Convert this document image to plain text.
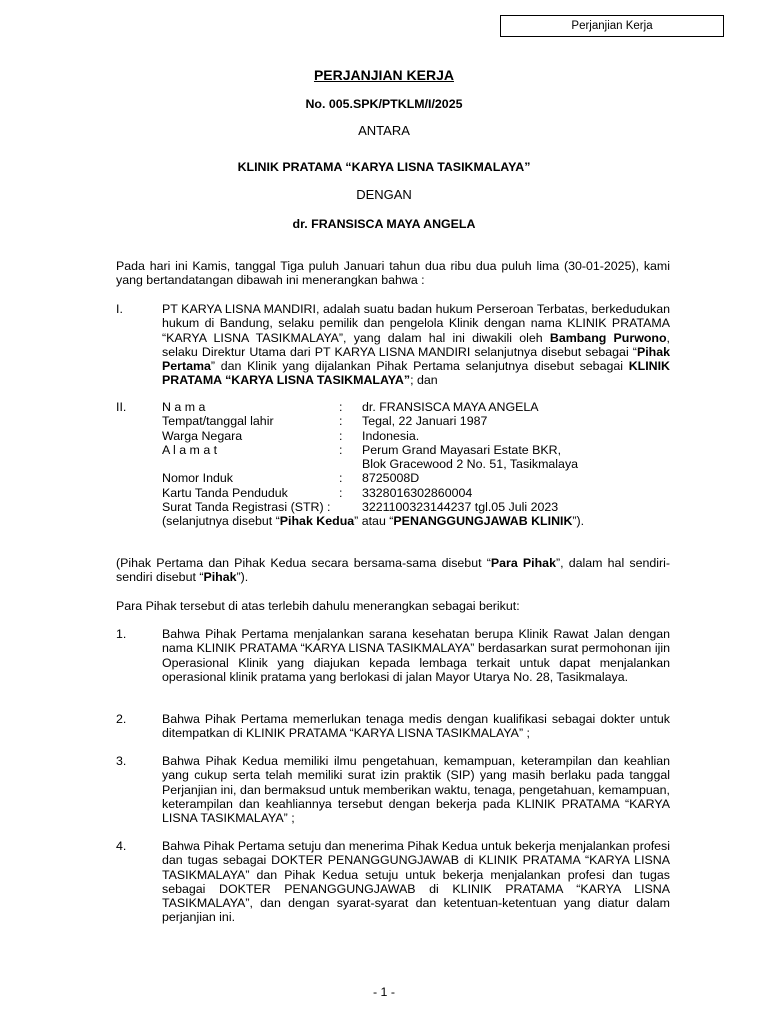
Perjanjian Kerja
PERJANJIAN KERJA
No. 005.SPK/PTKLM/I/2025
ANTARA
KLINIK PRATAMA “KARYA LISNA TASIKMALAYA”
DENGAN
dr. FRANSISCA MAYA ANGELA
Pada hari ini Kamis, tanggal Tiga puluh Januari tahun dua ribu dua puluh lima (30-01-2025), kami yang bertandatangan dibawah ini menerangkan bahwa :
I.	PT KARYA LISNA MANDIRI, adalah suatu badan hukum Perseroan Terbatas, berkedudukan hukum di Bandung, selaku pemilik dan pengelola Klinik dengan nama KLINIK PRATAMA “KARYA LISNA TASIKMALAYA”, yang dalam hal ini diwakili oleh Bambang Purwono, selaku Direktur Utama dari PT KARYA LISNA MANDIRI selanjutnya disebut sebagai “Pihak Pertama” dan Klinik yang dijalankan Pihak Pertama selanjutnya disebut sebagai KLINIK PRATAMA “KARYA LISNA TASIKMALAYA”; dan
II.	N a m a	: dr. FRANSISCA MAYA ANGELA
Tempat/tanggal lahir	: Tegal, 22 Januari 1987
Warga Negara	: Indonesia.
A l a m a t	: Perum Grand Mayasari Estate BKR,
Blok Gracewood 2 No. 51, Tasikmalaya
Nomor Induk	: 8725008D
Kartu Tanda Penduduk	: 3328016302860004
Surat Tanda Registrasi (STR) :	3221100323144237 tgl.05 Juli 2023
(selanjutnya disebut “Pihak Kedua” atau “PENANGGUNGJAWAB KLINIK”).
(Pihak Pertama dan Pihak Kedua secara bersama-sama disebut “Para Pihak”, dalam hal sendiri-sendiri disebut “Pihak”).
Para Pihak tersebut di atas terlebih dahulu menerangkan sebagai berikut:
1.	Bahwa Pihak Pertama menjalankan sarana kesehatan berupa Klinik Rawat Jalan dengan nama KLINIK PRATAMA “KARYA LISNA TASIKMALAYA” berdasarkan surat permohonan ijin Operasional Klinik yang diajukan kepada lembaga terkait untuk dapat menjalankan operasional klinik pratama yang berlokasi di jalan Mayor Utarya No. 28, Tasikmalaya.
2.	Bahwa Pihak Pertama memerlukan tenaga medis dengan kualifikasi sebagai dokter untuk ditempatkan di KLINIK PRATAMA “KARYA LISNA TASIKMALAYA” ;
3.	Bahwa Pihak Kedua memiliki ilmu pengetahuan, kemampuan, keterampilan dan keahlian yang cukup serta telah memiliki surat izin praktik (SIP) yang masih berlaku pada tanggal Perjanjian ini, dan bermaksud untuk memberikan waktu, tenaga, pengetahuan, kemampuan, keterampilan dan keahliannya tersebut dengan bekerja pada KLINIK PRATAMA “KARYA LISNA TASIKMALAYA” ;
4.	Bahwa Pihak Pertama setuju dan menerima Pihak Kedua untuk bekerja menjalankan profesi dan tugas sebagai DOKTER PENANGGUNGJAWAB di KLINIK PRATAMA “KARYA LISNA TASIKMALAYA” dan Pihak Kedua setuju untuk bekerja menjalankan profesi dan tugas sebagai DOKTER PENANGGUNGJAWAB di KLINIK PRATAMA “KARYA LISNA TASIKMALAYA”, dan dengan syarat-syarat dan ketentuan-ketentuan yang diatur dalam perjanjian ini.
- 1 -
